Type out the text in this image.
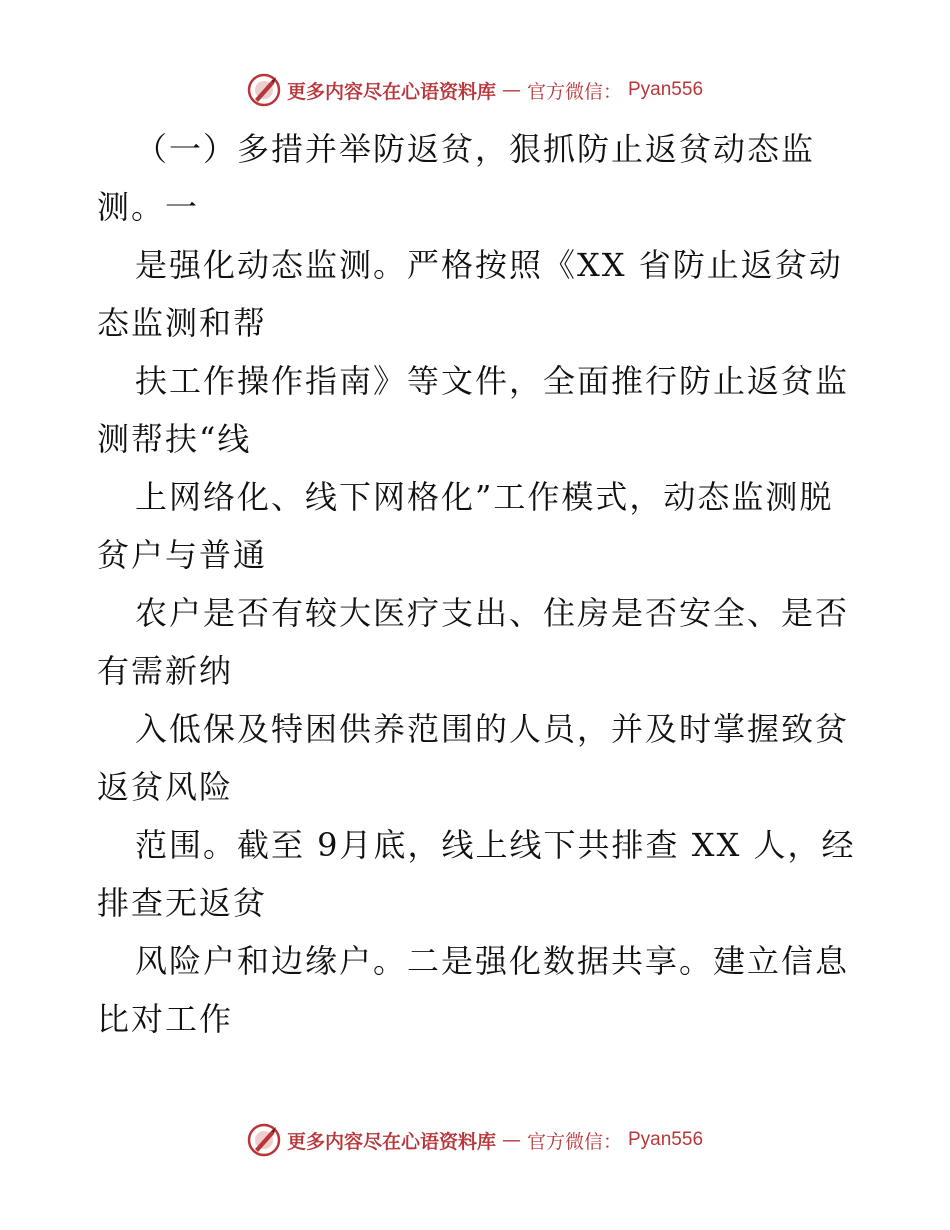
更多内容尽在心语资料库 — 官方微信： Pyan556

（一）多措并举防返贫，狠抓防止返贫动态监测。一

是强化动态监测。严格按照《XX 省防止返贫动态监测和帮

扶工作操作指南》等文件，全面推行防止返贫监测帮扶“线

上网络化、线下网格化”工作模式，动态监测脱贫户与普通

农户是否有较大医疗支出、住房是否安全、是否有需新纳

入低保及特困供养范围的人员，并及时掌握致贫返贫风险

范围。截至 9月底，线上线下共排查 XX 人，经排查无返贫

风险户和边缘户。二是强化数据共享。建立信息比对工作

更多内容尽在心语资料库 — 官方微信： Pyan556
